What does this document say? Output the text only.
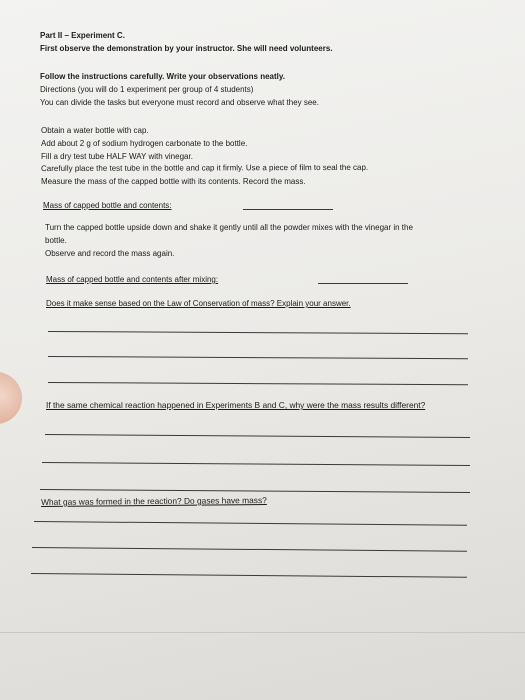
Part II – Experiment C.

First observe the demonstration by your instructor. She will need volunteers.

Follow the instructions carefully. Write your observations neatly.

Directions (you will do 1 experiment per group of 4 students)

You can divide the tasks but everyone must record and observe what they see.

Obtain a water bottle with cap.

Add about 2 g of sodium hydrogen carbonate to the bottle.

Fill a dry test tube HALF WAY with vinegar.

Carefully place the test tube in the bottle and cap it firmly. Use a piece of film to seal the cap.

Measure the mass of the capped bottle with its contents. Record the mass.

Mass of capped bottle and contents:

Turn the capped bottle upside down and shake it gently until all the powder mixes with the vinegar in the

bottle.

Observe and record the mass again.

Mass of capped bottle and contents after mixing:

Does it make sense based on the Law of Conservation of mass? Explain your answer.

If the same chemical reaction happened in Experiments B and C, why were the mass results different?

What gas was formed in the reaction? Do gases have mass?
